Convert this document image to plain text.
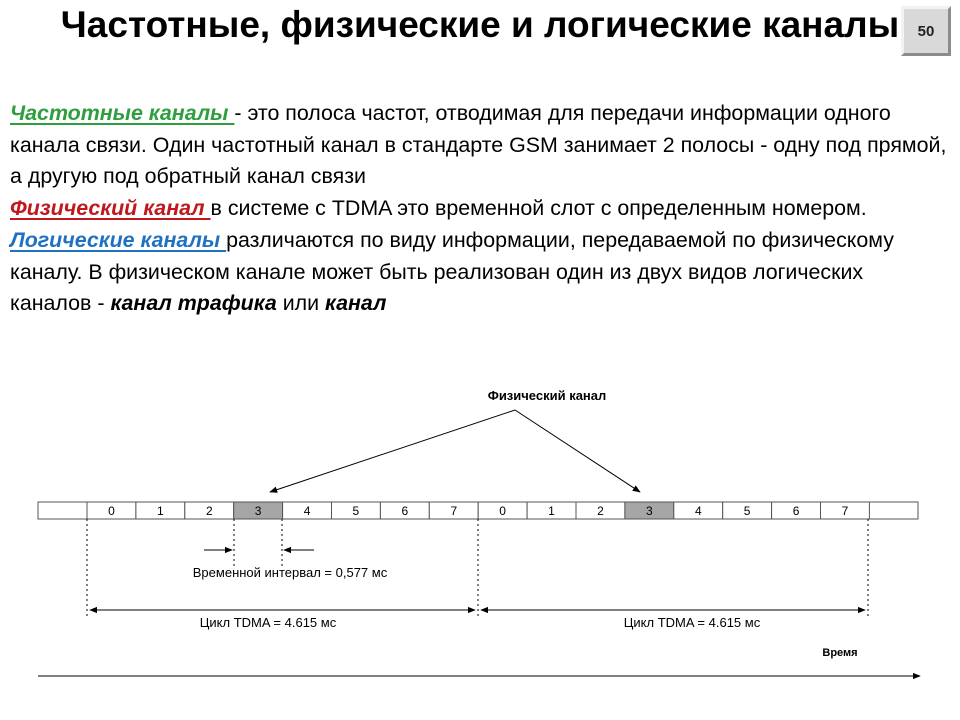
Частотные, физические и логические каналы	50

Частотные каналы - это полоса частот, отводимая для передачи информации одного канала связи. Один частотный канал в стандарте GSM занимает 2 полосы - одну под прямой, а другую под обратный канал связи

Физический канал в системе с TDMA это временной слот с определенным номером.

Логические каналы различаются по виду информации, передаваемой по физическому каналу. В физическом канале может быть реализован один из двух видов логических каналов - канал трафика или канал

Физический канал
0	1	2	3	4	5	6	7	0	1	2	3	4	5	6	7
Временной интервал = 0,577 мс
Цикл TDMA = 4.615 мс	Цикл TDMA = 4.615 мс
Время
